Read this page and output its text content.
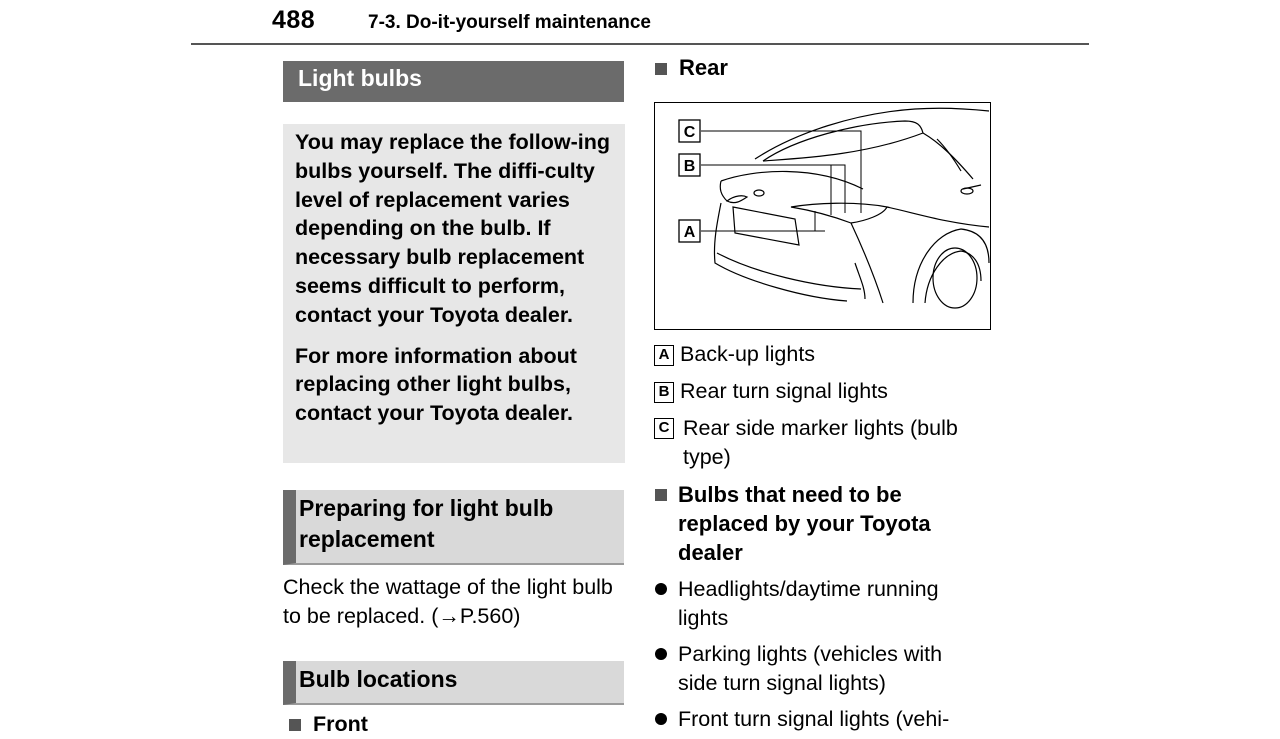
488	7-3. Do-it-yourself maintenance
Light bulbs

You may replace the follow-ing bulbs yourself. The diffi-culty level of replacement varies depending on the bulb. If necessary bulb replacement seems difficult to perform, contact your Toyota dealer.

For more information about replacing other light bulbs, contact your Toyota dealer.

Preparing for light bulb replacement
Check the wattage of the light bulb to be replaced. (→P.560)
Bulb locations
Front
Rear
C
B
A
A Back-up lights
B Rear turn signal lights
C Rear side marker lights (bulb type)
Bulbs that need to be replaced by your Toyota dealer
Headlights/daytime running lights
Parking lights (vehicles with side turn signal lights)
Front turn signal lights (vehi-
